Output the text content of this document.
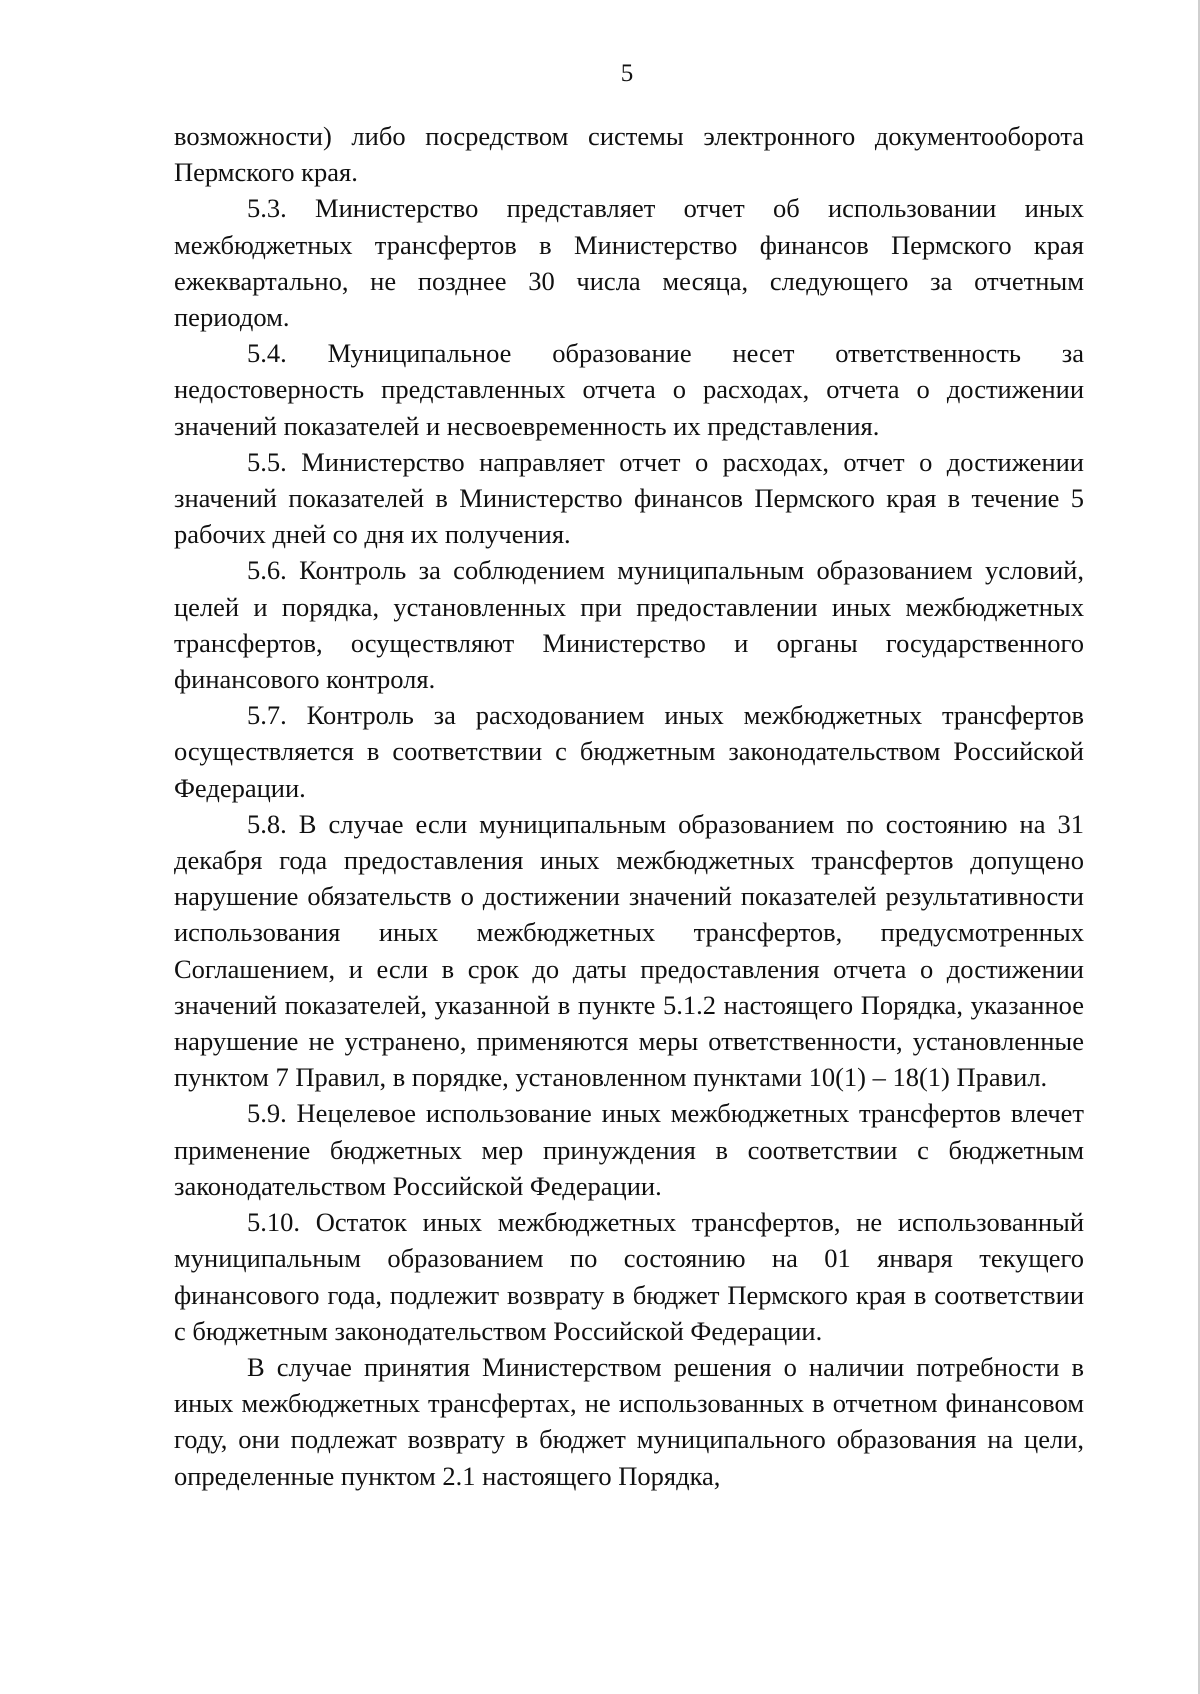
5

возможности) либо посредством системы электронного документооборота Пермского края.

5.3. Министерство представляет отчет об использовании иных межбюджетных трансфертов в Министерство финансов Пермского края ежеквартально, не позднее 30 числа месяца, следующего за отчетным периодом.

5.4. Муниципальное образование несет ответственность за недостоверность представленных отчета о расходах, отчета о достижении значений показателей и несвоевременность их представления.

5.5. Министерство направляет отчет о расходах, отчет о достижении значений показателей в Министерство финансов Пермского края в течение 5 рабочих дней со дня их получения.

5.6. Контроль за соблюдением муниципальным образованием условий, целей и порядка, установленных при предоставлении иных межбюджетных трансфертов, осуществляют Министерство и органы государственного финансового контроля.

5.7. Контроль за расходованием иных межбюджетных трансфертов осуществляется в соответствии с бюджетным законодательством Российской Федерации.

5.8. В случае если муниципальным образованием по состоянию на 31 декабря года предоставления иных межбюджетных трансфертов допущено нарушение обязательств о достижении значений показателей результативности использования иных межбюджетных трансфертов, предусмотренных Соглашением, и если в срок до даты предоставления отчета о достижении значений показателей, указанной в пункте 5.1.2 настоящего Порядка, указанное нарушение не устранено, применяются меры ответственности, установленные пунктом 7 Правил, в порядке, установленном пунктами 10(1) – 18(1) Правил.

5.9. Нецелевое использование иных межбюджетных трансфертов влечет применение бюджетных мер принуждения в соответствии с бюджетным законодательством Российской Федерации.

5.10. Остаток иных межбюджетных трансфертов, не использованный муниципальным образованием по состоянию на 01 января текущего финансового года, подлежит возврату в бюджет Пермского края в соответствии с бюджетным законодательством Российской Федерации.

В случае принятия Министерством решения о наличии потребности в иных межбюджетных трансфертах, не использованных в отчетном финансовом году, они подлежат возврату в бюджет муниципального образования на цели, определенные пунктом 2.1 настоящего Порядка,
